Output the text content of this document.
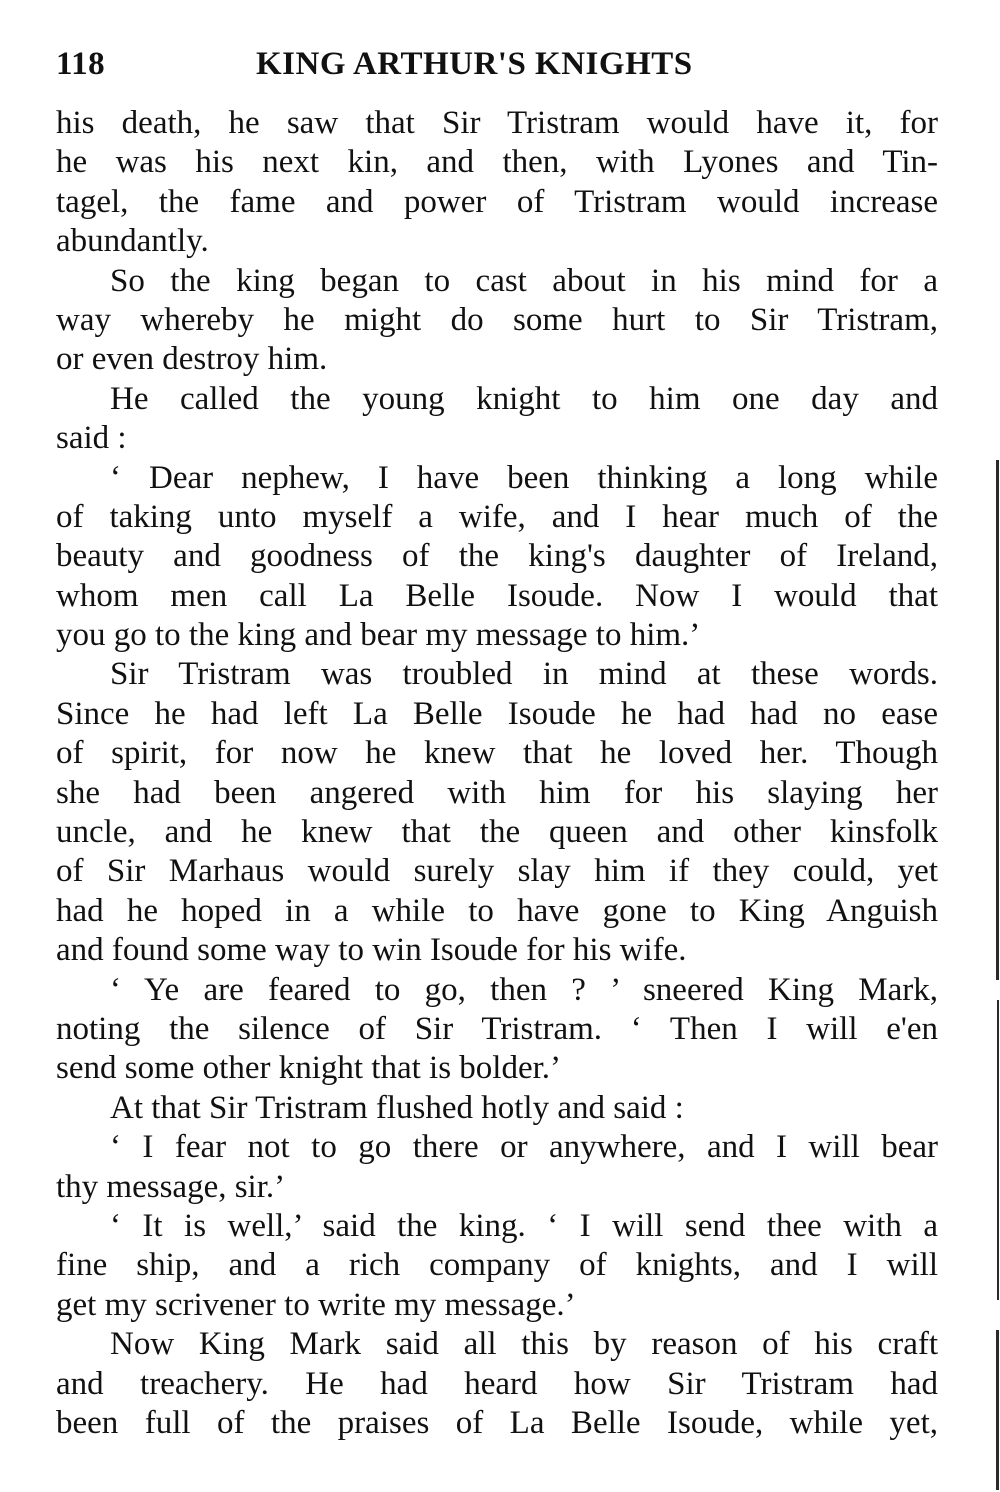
118	KING ARTHUR'S KNIGHTS
his death, he saw that Sir Tristram would have it, for
he was his next kin, and then, with Lyones and Tin-
tagel, the fame and power of Tristram would increase
abundantly.
So the king began to cast about in his mind for a
way whereby he might do some hurt to Sir Tristram,
or even destroy him.
He called the young knight to him one day and
said :
‘ Dear nephew, I have been thinking a long while
of taking unto myself a wife, and I hear much of the
beauty and goodness of the king's daughter of Ireland,
whom men call La Belle Isoude. Now I would that
you go to the king and bear my message to him.’
Sir Tristram was troubled in mind at these words.
Since he had left La Belle Isoude he had had no ease
of spirit, for now he knew that he loved her. Though
she had been angered with him for his slaying her
uncle, and he knew that the queen and other kinsfolk
of Sir Marhaus would surely slay him if they could, yet
had he hoped in a while to have gone to King Anguish
and found some way to win Isoude for his wife.
‘ Ye are feared to go, then ? ’ sneered King Mark,
noting the silence of Sir Tristram. ‘ Then I will e'en
send some other knight that is bolder.’
At that Sir Tristram flushed hotly and said :
‘ I fear not to go there or anywhere, and I will bear
thy message, sir.’
‘ It is well,’ said the king. ‘ I will send thee with a
fine ship, and a rich company of knights, and I will
get my scrivener to write my message.’
Now King Mark said all this by reason of his craft
and treachery. He had heard how Sir Tristram had
been full of the praises of La Belle Isoude, while yet,
